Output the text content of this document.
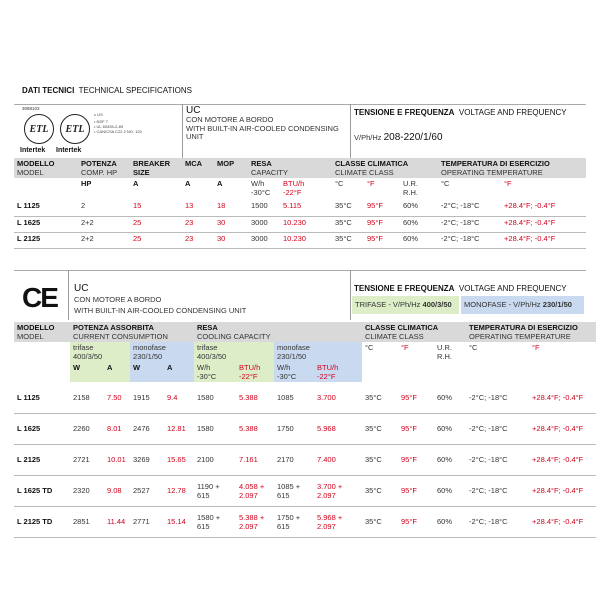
DATI TECNICI TECHNICAL SPECIFICATIONS
3068103
ETL ETL
Intertek Intertek
c US
• NSF 7
• UL 60335-2-89
• CAN/CSA C22.2 NO. 120
UC
CON MOTORE A BORDO
WITH BUILT-IN AIR-COOLED CONDENSING
UNIT
TENSIONE E FREQUENZA VOLTAGE AND FREQUENCY
V/Ph/Hz 208-220/1/60
MODELLO
MODEL	POTENZA
COMP. HP	BREAKER
SIZE	MCA	MOP	RESA
CAPACITY		CLASSE CLIMATICA
CLIMATE CLASS			TEMPERATURA DI ESERCIZIO
OPERATING TEMPERATURE	
	HP	A	A	A	W/h
-30°C	BTU/h
-22°F	°C	°F	U.R.
R.H.	°C	°F
L 1125	2	15	13	18	1500	5.115	35°C	95°F	60%	-2°C; -18°C	+28.4°F; -0.4°F
L 1625	2+2	25	23	30	3000	10.230	35°C	95°F	60%	-2°C; -18°C	+28.4°F; -0.4°F
L 2125	2+2	25	23	30	3000	10.230	35°C	95°F	60%	-2°C; -18°C	+28.4°F; -0.4°F
CE UC
CON MOTORE A BORDO
WITH BUILT-IN AIR-COOLED CONDENSING UNIT
TENSIONE E FREQUENZA VOLTAGE AND FREQUENCY
TRIFASE - V/Ph/Hz 400/3/50	MONOFASE - V/Ph/Hz 230/1/50
MODELLO
MODEL	POTENZA ASSORBITA
CURRENT CONSUMPTION				RESA
COOLING CAPACITY				CLASSE CLIMATICA
CLIMATE CLASS			TEMPERATURA DI ESERCIZIO
OPERATING TEMPERATURE	
	trifase
400/3/50		monofase
230/1/50		trifase
400/3/50		monofase
230/1/50		°C	°F	U.R.
R.H.	°C	°F
	W	A	W	A	W/h
-30°C	BTU/h
-22°F	W/h
-30°C	BTU/h
-22°F					
L 1125	2158	7.50	1915	9.4	1580	5.388	1085	3.700	35°C	95°F	60%	-2°C; -18°C	+28.4°F; -0.4°F
L 1625	2260	8.01	2476	12.81	1580	5.388	1750	5.968	35°C	95°F	60%	-2°C; -18°C	+28.4°F; -0.4°F
L 2125	2721	10.01	3269	15.65	2100	7.161	2170	7.400	35°C	95°F	60%	-2°C; -18°C	+28.4°F; -0.4°F
L 1625 TD	2320	9.08	2527	12.78	1190 + 615	4.058 + 2.097	1085 + 615	3.700 + 2.097	35°C	95°F	60%	-2°C; -18°C	+28.4°F; -0.4°F
L 2125 TD	2851	11.44	2771	15.14	1580 + 615	5.388 + 2.097	1750 + 615	5.968 + 2.097	35°C	95°F	60%	-2°C; -18°C	+28.4°F; -0.4°F
